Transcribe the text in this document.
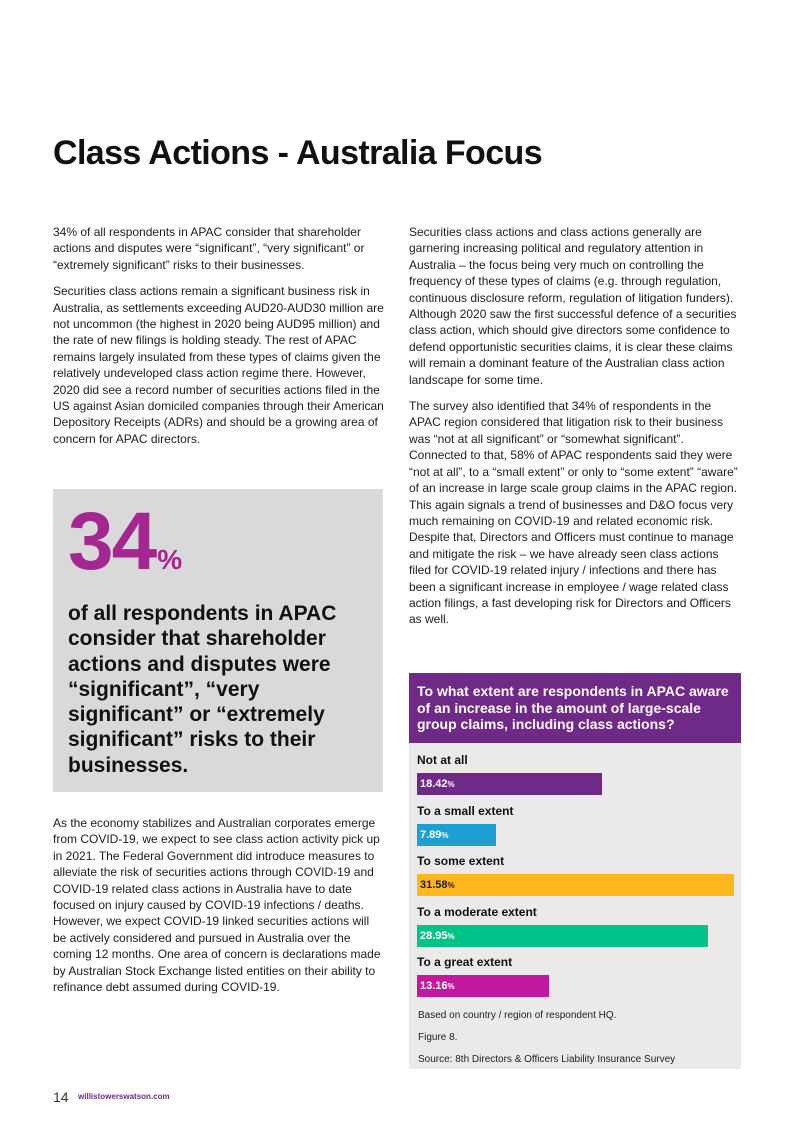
Class Actions - Australia Focus

34% of all respondents in APAC consider that shareholder actions and disputes were “significant”, “very significant” or “extremely significant” risks to their businesses.

Securities class actions remain a significant business risk in Australia, as settlements exceeding AUD20-AUD30 million are not uncommon (the highest in 2020 being AUD95 million) and the rate of new filings is holding steady. The rest of APAC remains largely insulated from these types of claims given the relatively undeveloped class action regime there. However, 2020 did see a record number of securities actions filed in the US against Asian domiciled companies through their American Depository Receipts (ADRs) and should be a growing area of concern for APAC directors.

34%
of all respondents in APAC consider that shareholder actions and disputes were “significant”, “very significant” or “extremely significant” risks to their businesses.

As the economy stabilizes and Australian corporates emerge from COVID-19, we expect to see class action activity pick up in 2021. The Federal Government did introduce measures to alleviate the risk of securities actions through COVID-19 and COVID-19 related class actions in Australia have to date focused on injury caused by COVID-19 infections / deaths. However, we expect COVID-19 linked securities actions will be actively considered and pursued in Australia over the coming 12 months. One area of concern is declarations made by Australian Stock Exchange listed entities on their ability to refinance debt assumed during COVID-19.

Securities class actions and class actions generally are garnering increasing political and regulatory attention in Australia – the focus being very much on controlling the frequency of these types of claims (e.g. through regulation, continuous disclosure reform, regulation of litigation funders). Although 2020 saw the first successful defence of a securities class action, which should give directors some confidence to defend opportunistic securities claims, it is clear these claims will remain a dominant feature of the Australian class action landscape for some time.

The survey also identified that 34% of respondents in the APAC region considered that litigation risk to their business was “not at all significant” or “somewhat significant”. Connected to that, 58% of APAC respondents said they were “not at all”, to a “small extent” or only to “some extent” “aware” of an increase in large scale group claims in the APAC region. This again signals a trend of businesses and D&O focus very much remaining on COVID-19 and related economic risk. Despite that, Directors and Officers must continue to manage and mitigate the risk – we have already seen class actions filed for COVID-19 related injury / infections and there has been a significant increase in employee / wage related class action filings, a fast developing risk for Directors and Officers as well.

To what extent are respondents in APAC aware of an increase in the amount of large-scale group claims, including class actions?
Not at all
18.42%
To a small extent
7.89%
To some extent
31.58%
To a moderate extent
28.95%
To a great extent
13.16%
Based on country / region of respondent HQ.
Figure 8.
Source: 8th Directors & Officers Liability Insurance Survey
14 willistowerswatson.com
